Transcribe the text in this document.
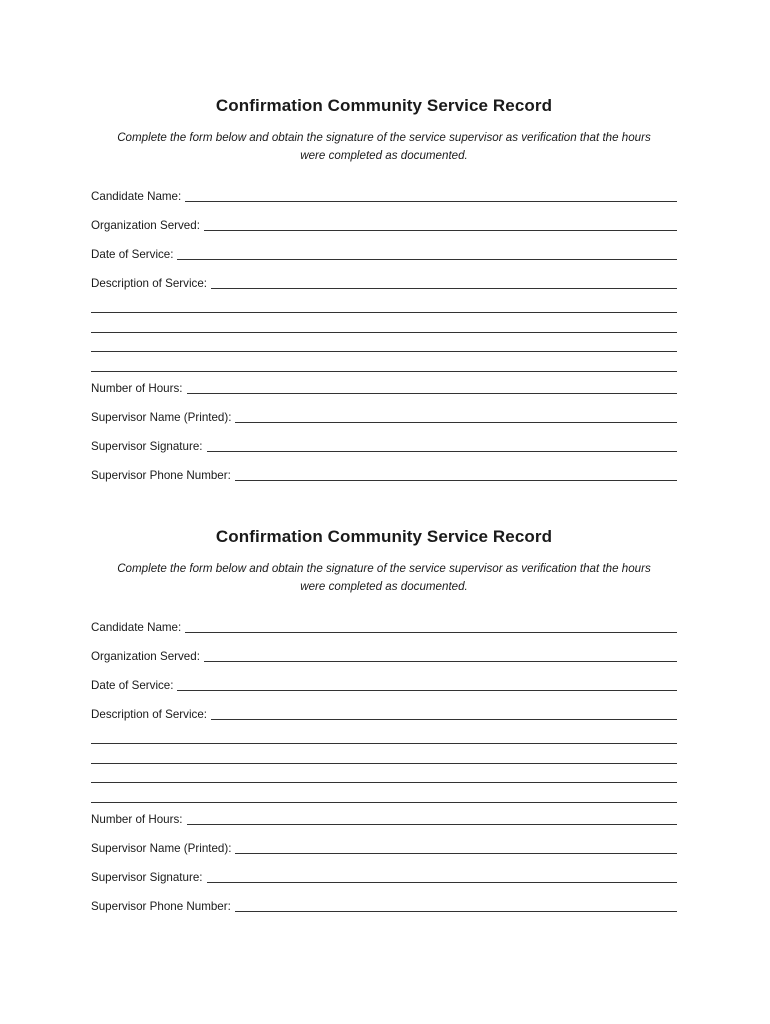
Confirmation Community Service Record

Complete the form below and obtain the signature of the service supervisor as verification that the hours
were completed as documented.

Candidate Name:
Organization Served:
Date of Service:
Description of Service:
Number of Hours:
Supervisor Name (Printed):
Supervisor Signature:
Supervisor Phone Number:
Confirmation Community Service Record

Complete the form below and obtain the signature of the service supervisor as verification that the hours
were completed as documented.

Candidate Name:
Organization Served:
Date of Service:
Description of Service:
Number of Hours:
Supervisor Name (Printed):
Supervisor Signature:
Supervisor Phone Number:
